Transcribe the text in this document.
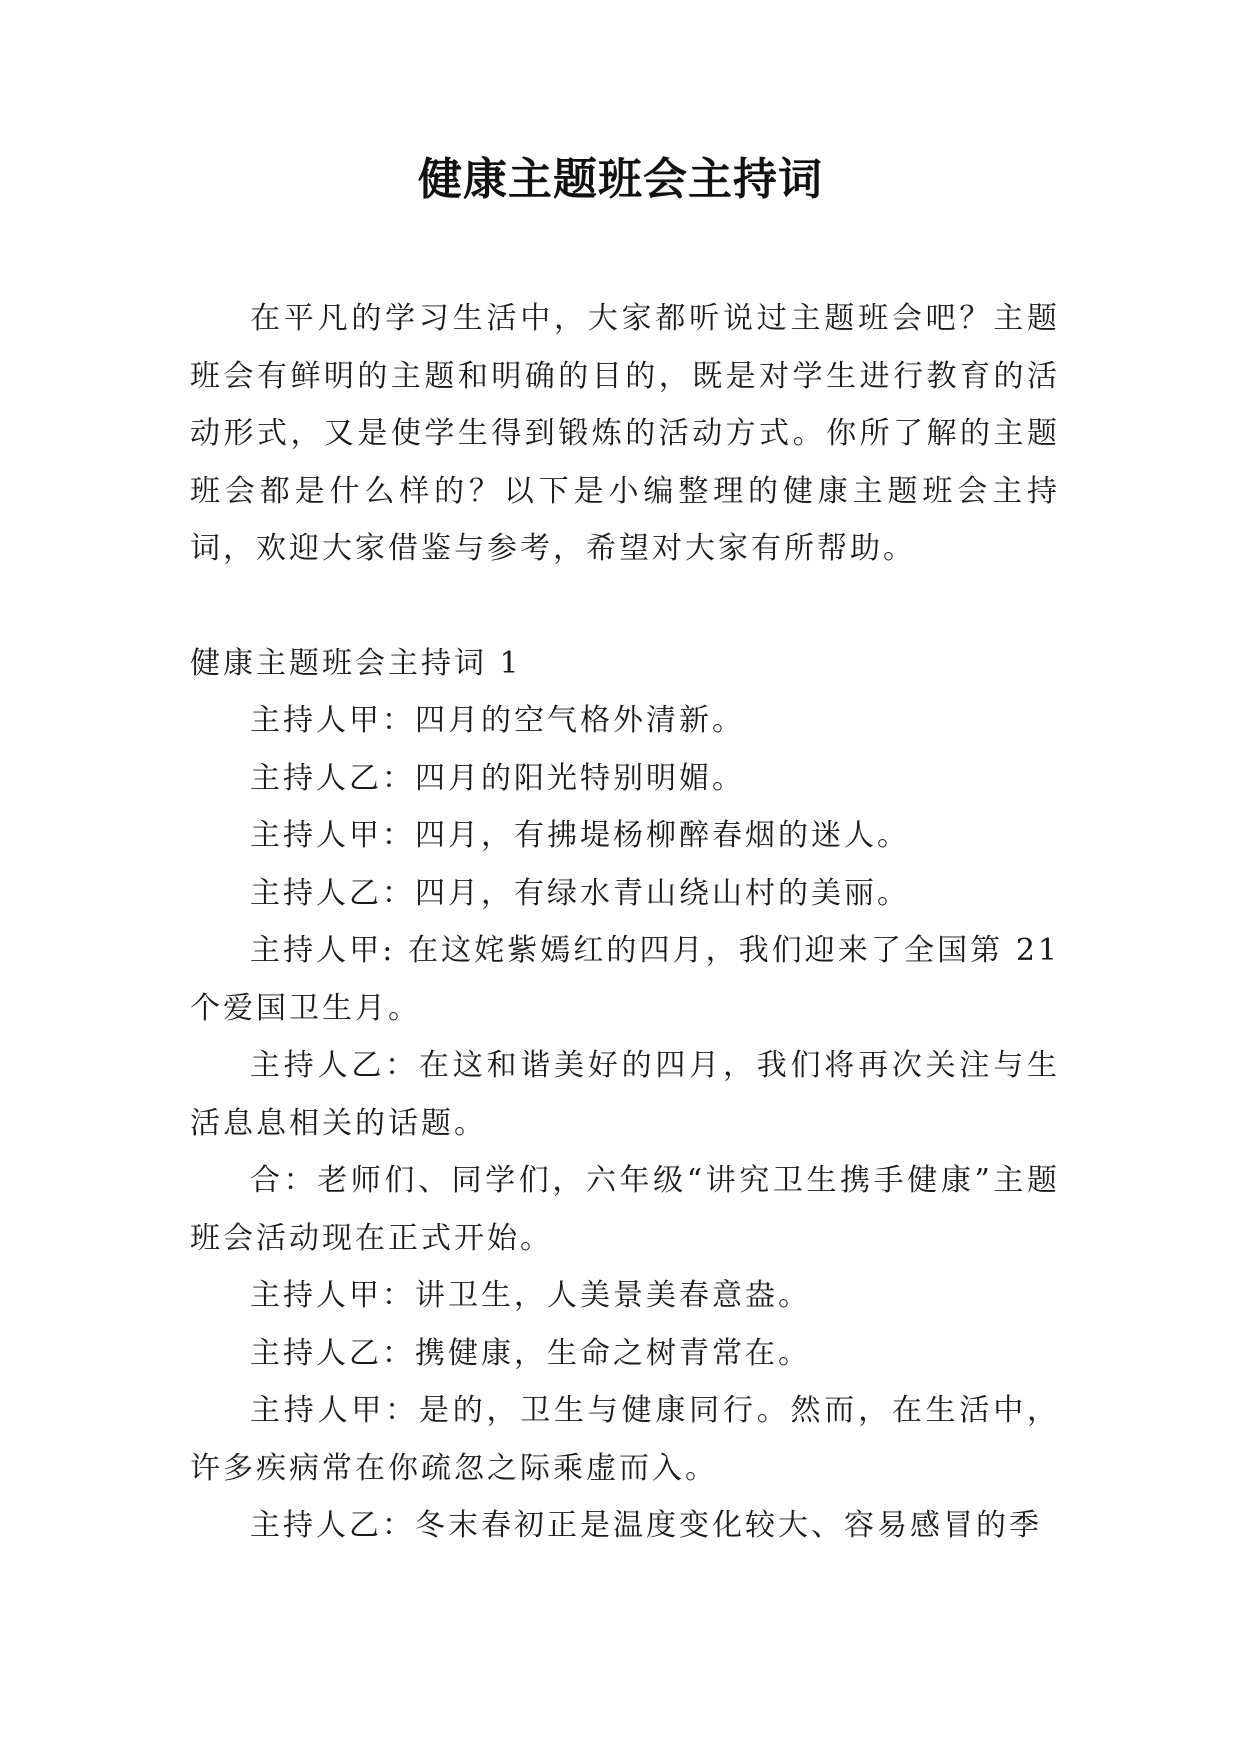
健康主题班会主持词

在平凡的学习生活中，大家都听说过主题班会吧？主题班会有鲜明的主题和明确的目的，既是对学生进行教育的活动形式，又是使学生得到锻炼的活动方式。你所了解的主题班会都是什么样的？以下是小编整理的健康主题班会主持词，欢迎大家借鉴与参考，希望对大家有所帮助。

健康主题班会主持词 1

主持人甲：四月的空气格外清新。

主持人乙：四月的阳光特别明媚。

主持人甲：四月，有拂堤杨柳醉春烟的迷人。

主持人乙：四月，有绿水青山绕山村的美丽。

主持人甲: 在这姹紫嫣红的四月，我们迎来了全国第 21 个爱国卫生月。

主持人乙：在这和谐美好的四月，我们将再次关注与生活息息相关的话题。

合：老师们、同学们，六年级“讲究卫生携手健康”主题班会活动现在正式开始。

主持人甲：讲卫生，人美景美春意盎。

主持人乙：携健康，生命之树青常在。

主持人甲：是的，卫生与健康同行。然而，在生活中，许多疾病常在你疏忽之际乘虚而入。

主持人乙：冬末春初正是温度变化较大、容易感冒的季
